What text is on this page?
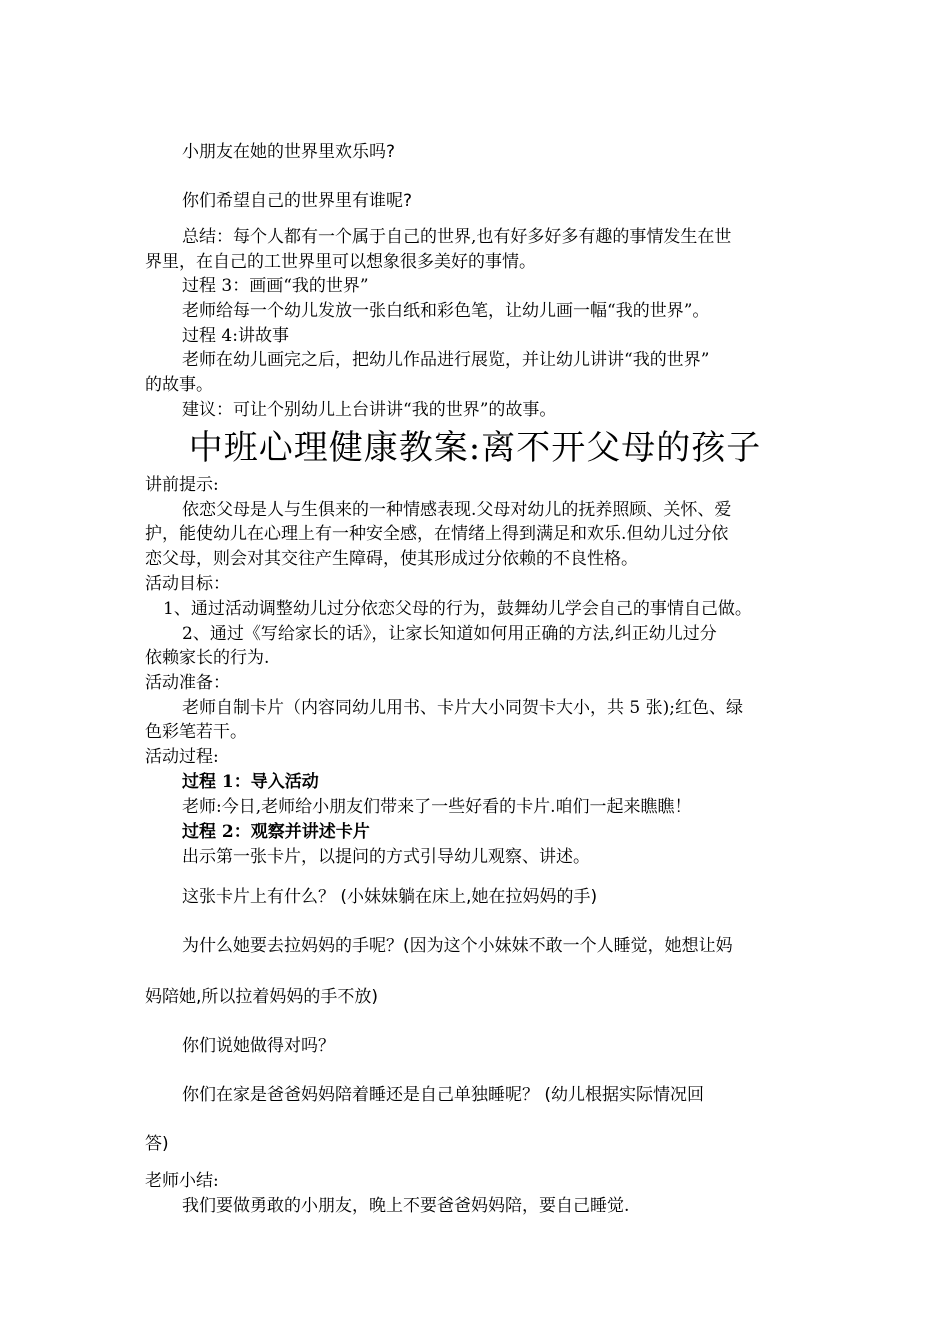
小朋友在她的世界里欢乐吗?
你们希望自己的世界里有谁呢?
总结：每个人都有一个属于自己的世界,也有好多好多有趣的事情发生在世
界里，在自己的工世界里可以想象很多美好的事情。
过程 3：画画“我的世界”
老师给每一个幼儿发放一张白纸和彩色笔，让幼儿画一幅“我的世界”。
过程 4:讲故事
老师在幼儿画完之后，把幼儿作品进行展览，并让幼儿讲讲“我的世界”
的故事。
建议：可让个别幼儿上台讲讲“我的世界”的故事。
中班心理健康教案:离不开父母的孩子
讲前提示:
依恋父母是人与生俱来的一种情感表现.父母对幼儿的抚养照顾、关怀、爱
护，能使幼儿在心理上有一种安全感，在情绪上得到满足和欢乐.但幼儿过分依
恋父母，则会对其交往产生障碍，使其形成过分依赖的不良性格。
活动目标：
1、通过活动调整幼儿过分依恋父母的行为，鼓舞幼儿学会自己的事情自己做。
2、通过《写给家长的话》，让家长知道如何用正确的方法,纠正幼儿过分
依赖家长的行为.
活动准备：
老师自制卡片（内容同幼儿用书、卡片大小同贺卡大小，共 5 张);红色、绿
色彩笔若干。
活动过程:
过程 1：导入活动
老师:今日,老师给小朋友们带来了一些好看的卡片.咱们一起来瞧瞧！
过程 2：观察并讲述卡片
出示第一张卡片，以提问的方式引导幼儿观察、讲述。
这张卡片上有什么？ (小妹妹躺在床上,她在拉妈妈的手)
为什么她要去拉妈妈的手呢？(因为这个小妹妹不敢一个人睡觉，她想让妈
妈陪她,所以拉着妈妈的手不放)
你们说她做得对吗？
你们在家是爸爸妈妈陪着睡还是自己单独睡呢？ (幼儿根据实际情况回
答)
老师小结:
我们要做勇敢的小朋友，晚上不要爸爸妈妈陪，要自己睡觉.
